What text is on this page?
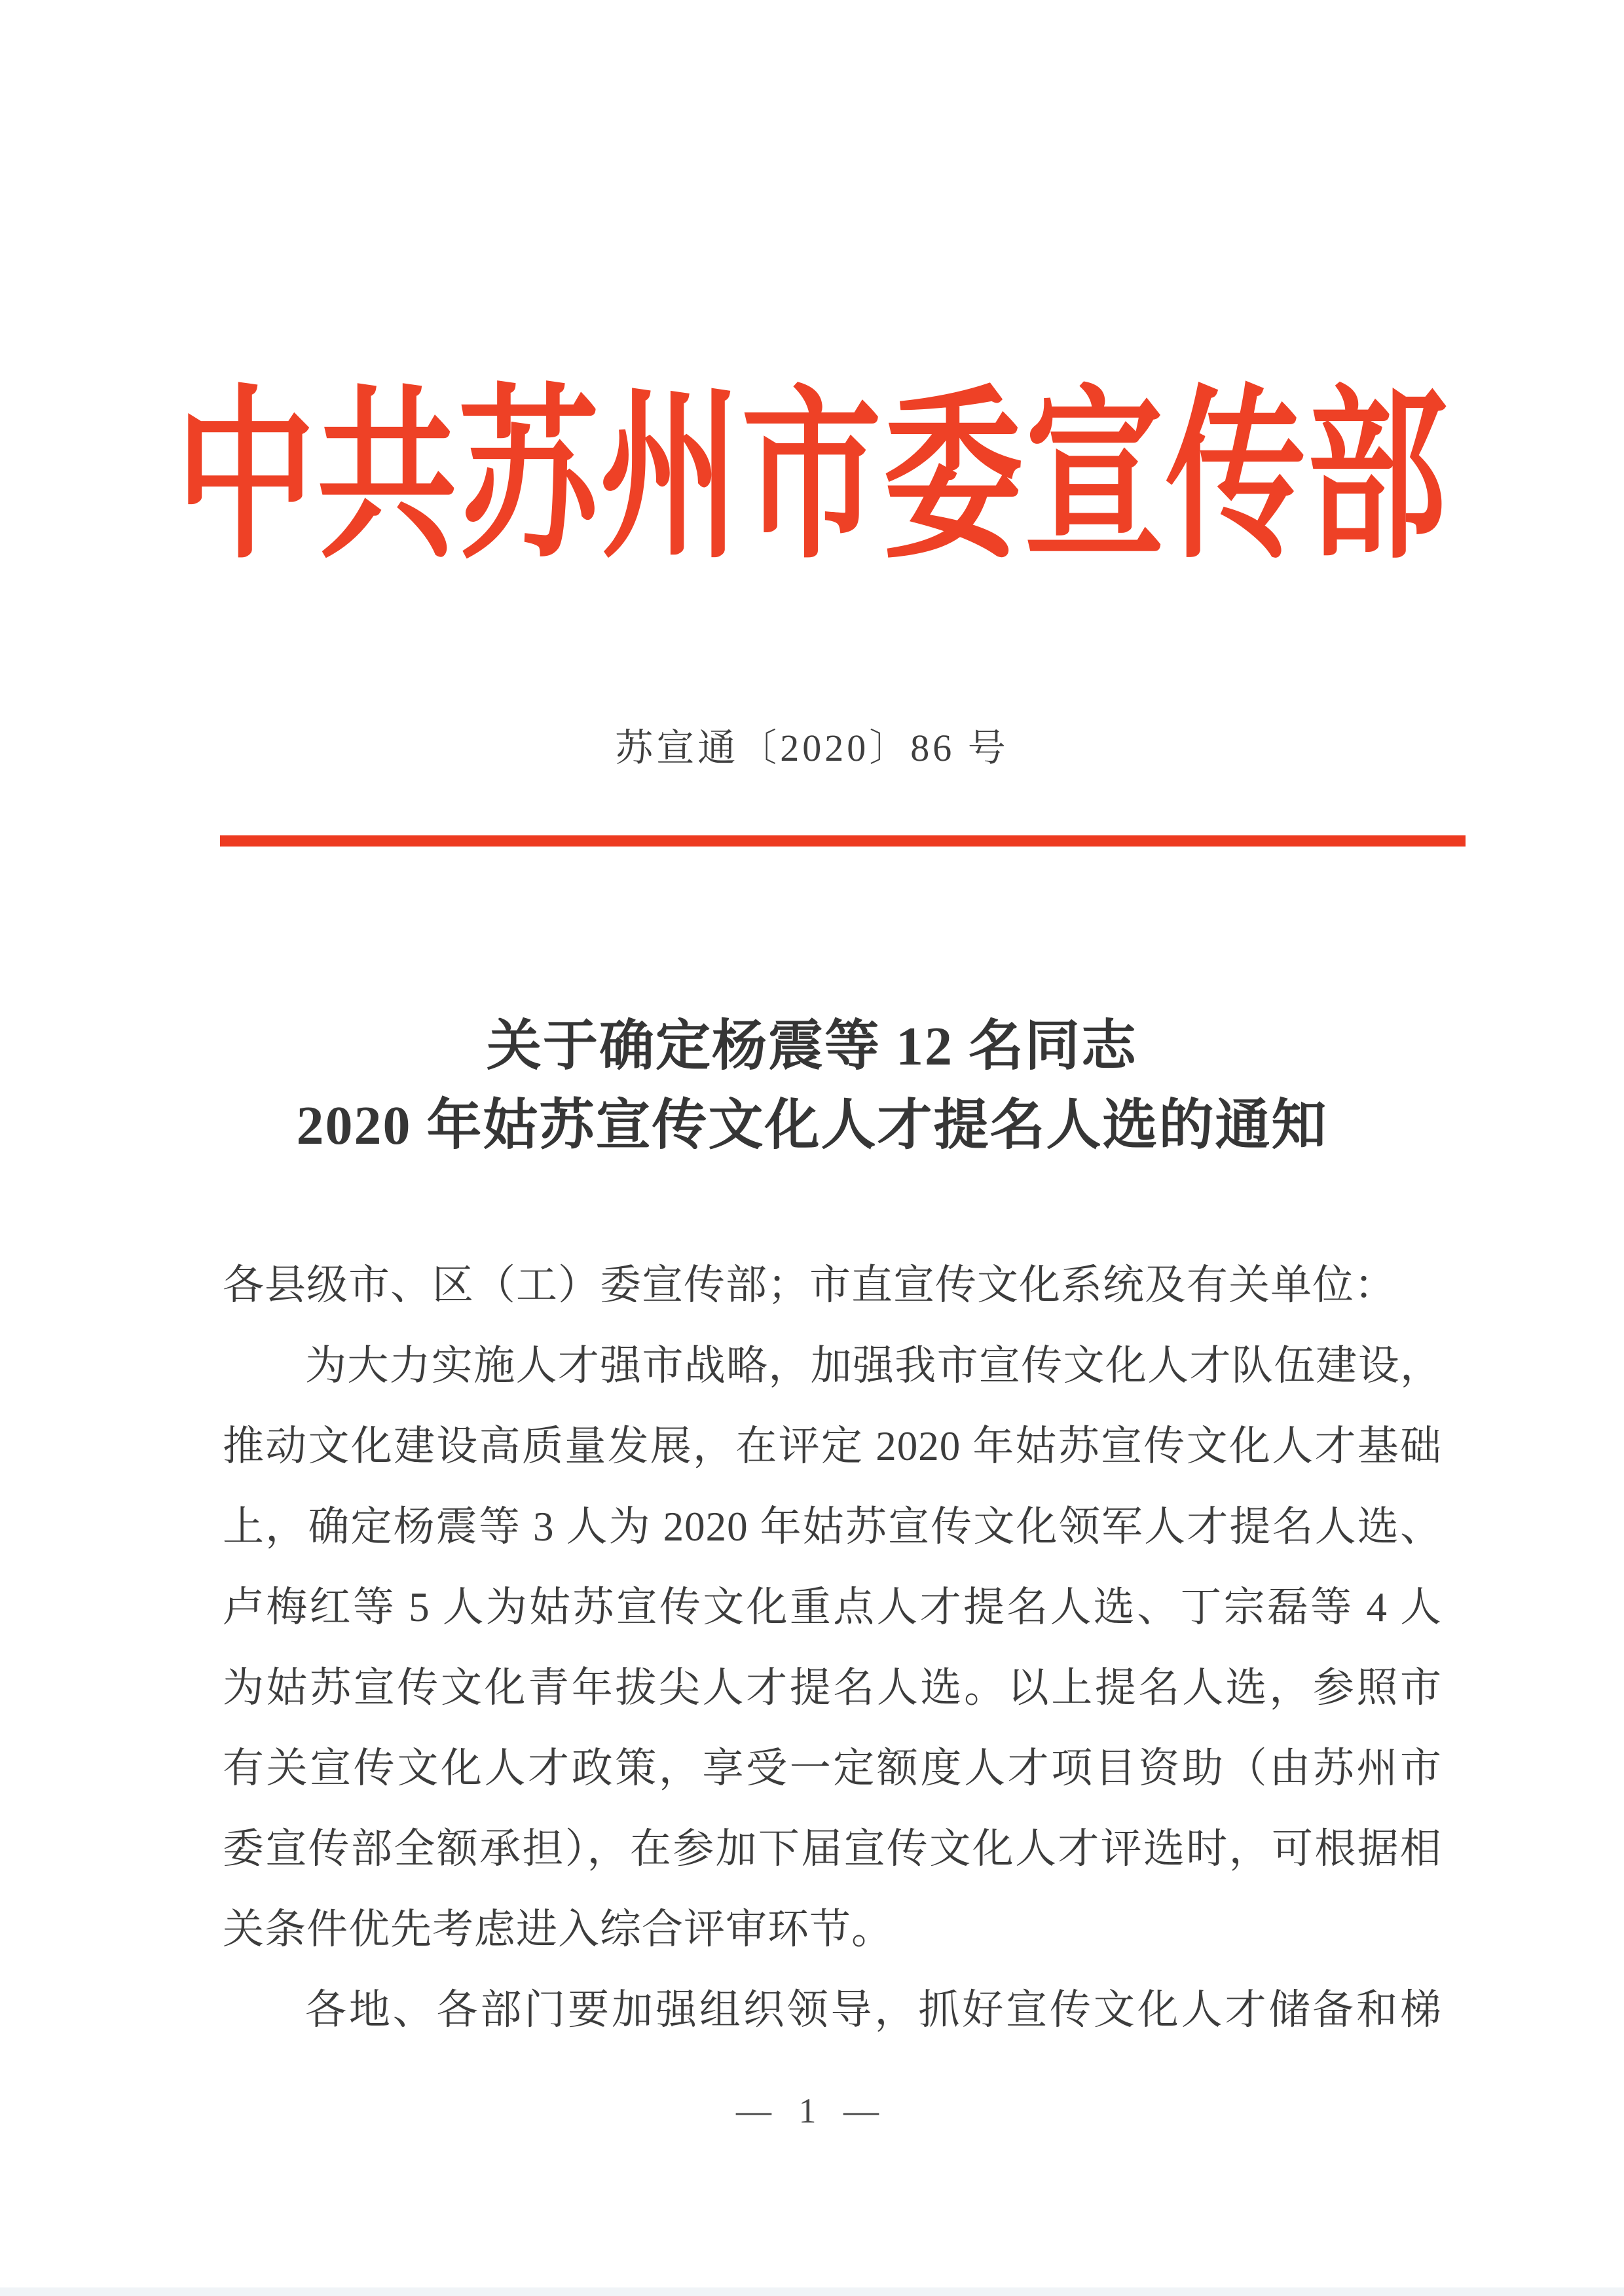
中共苏州市委宣传部
苏宣通〔2020〕86 号
关于确定杨震等 12 名同志
2020 年姑苏宣传文化人才提名人选的通知
各县级市、区（工）委宣传部；市直宣传文化系统及有关单位：
为大力实施人才强市战略，加强我市宣传文化人才队伍建设，
推动文化建设高质量发展，在评定 2020 年姑苏宣传文化人才基础
上，确定杨震等 3 人为 2020 年姑苏宣传文化领军人才提名人选、
卢梅红等 5 人为姑苏宣传文化重点人才提名人选、丁宗磊等 4 人
为姑苏宣传文化青年拔尖人才提名人选。以上提名人选，参照市
有关宣传文化人才政策，享受一定额度人才项目资助（由苏州市
委宣传部全额承担），在参加下届宣传文化人才评选时，可根据相
关条件优先考虑进入综合评审环节。
各地、各部门要加强组织领导，抓好宣传文化人才储备和梯
— 1 —
